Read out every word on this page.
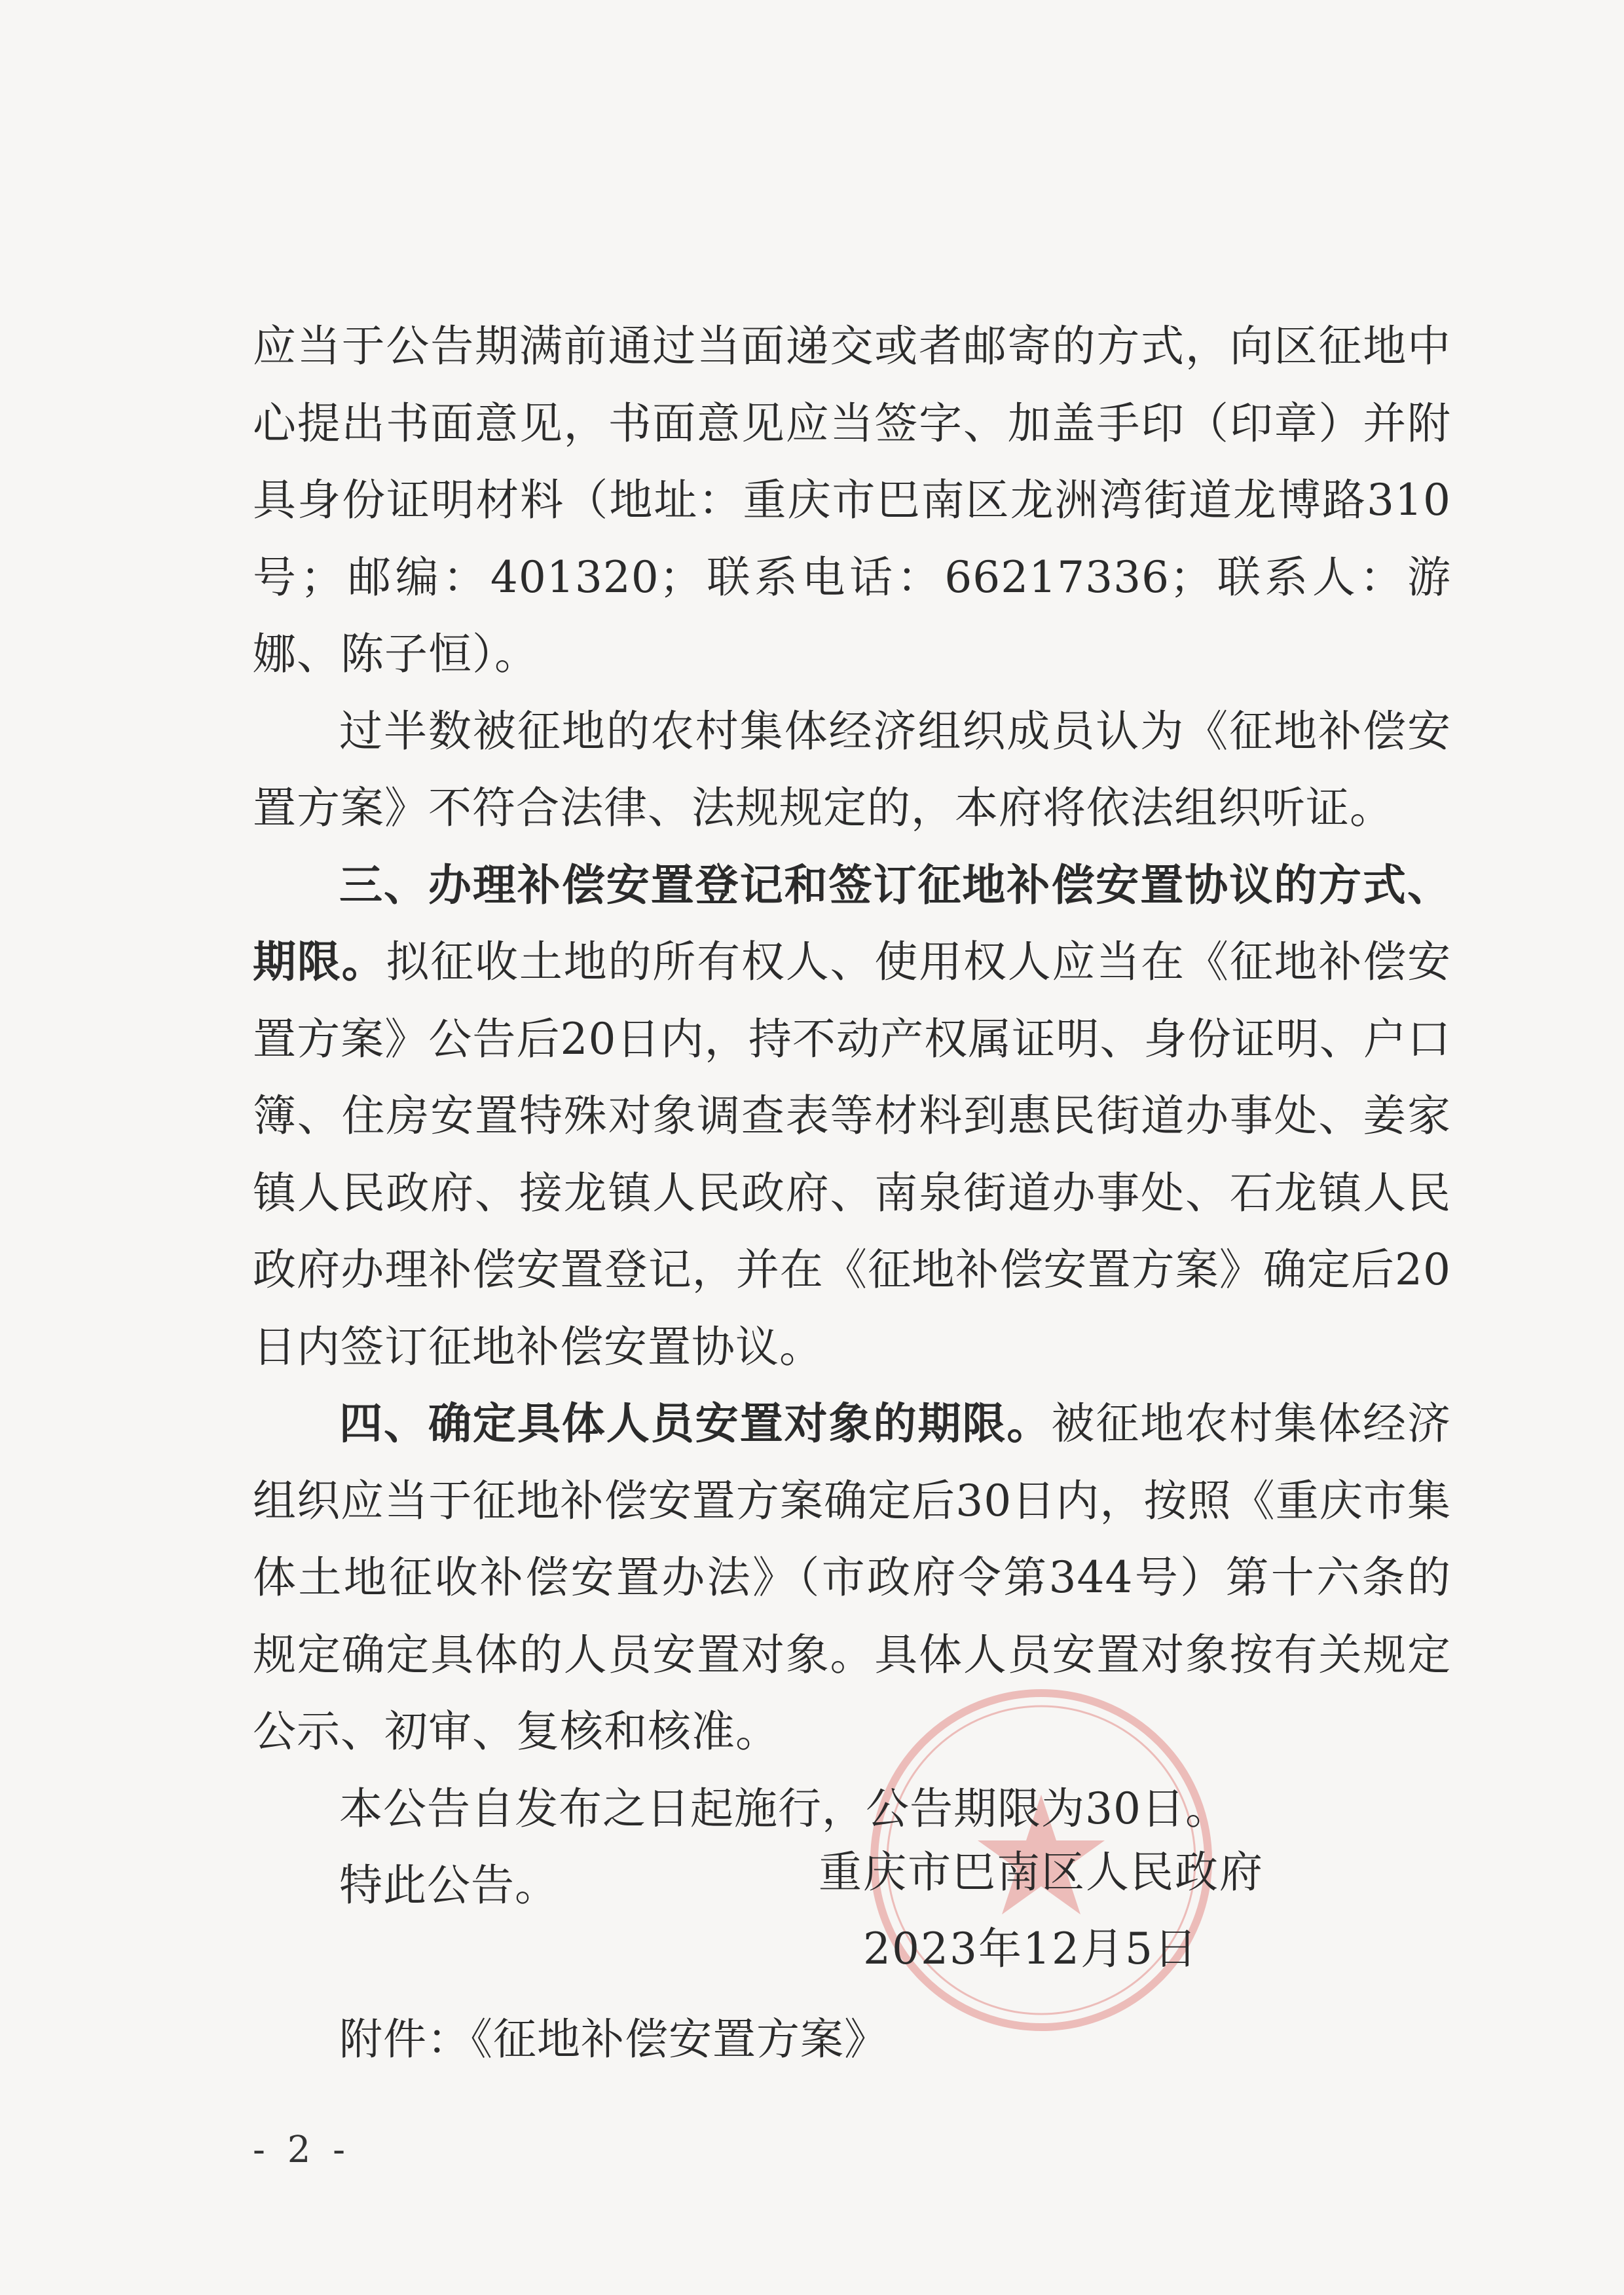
应当于公告期满前通过当面递交或者邮寄的方式，向区征地中心提出书面意见，书面意见应当签字、加盖手印（印章）并附具身份证明材料（地址：重庆市巴南区龙洲湾街道龙博路310号；邮编：401320；联系电话：66217336；联系人：游娜、陈子恒）。

过半数被征地的农村集体经济组织成员认为《征地补偿安置方案》不符合法律、法规规定的，本府将依法组织听证。

三、办理补偿安置登记和签订征地补偿安置协议的方式、期限。拟征收土地的所有权人、使用权人应当在《征地补偿安置方案》公告后20日内，持不动产权属证明、身份证明、户口簿、住房安置特殊对象调查表等材料到惠民街道办事处、姜家镇人民政府、接龙镇人民政府、南泉街道办事处、石龙镇人民政府办理补偿安置登记，并在《征地补偿安置方案》确定后20日内签订征地补偿安置协议。

四、确定具体人员安置对象的期限。被征地农村集体经济组织应当于征地补偿安置方案确定后30日内，按照《重庆市集体土地征收补偿安置办法》（市政府令第344号）第十六条的规定确定具体的人员安置对象。具体人员安置对象按有关规定公示、初审、复核和核准。

本公告自发布之日起施行，公告期限为30日。

特此公告。

附件：《征地补偿安置方案》

重庆市巴南区人民政府
2023年12月5日
- 2 -
